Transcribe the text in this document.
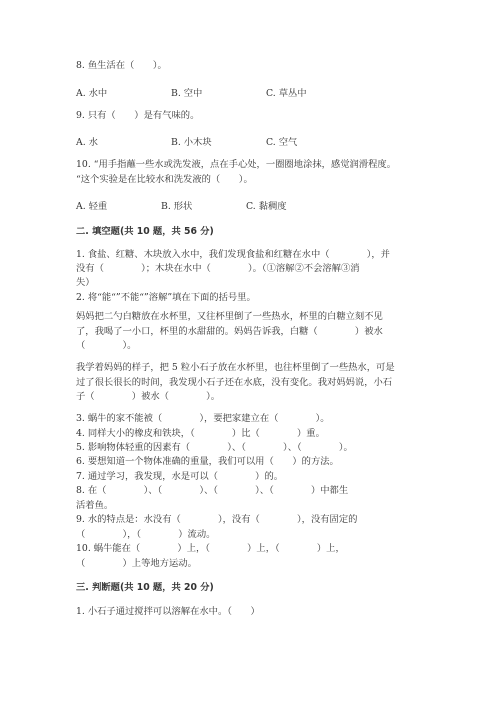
8. 鱼生活在（　　）。
A. 水中	B. 空中	C. 草丛中
9. 只有（　　）是有气味的。
A. 水	B. 小木块	C. 空气
10. “用手指蘸一些水或洗发液，点在手心处，一圈圈地涂抹，感觉润滑程度。
“这个实验是在比较水和洗发液的（　　）。
A. 轻重	B. 形状	C. 黏稠度
二. 填空题(共 10 题，共 56 分)
1. 食盐、红糖、木块放入水中，我们发现食盐和红糖在水中（　　　　），并
没有（　　　　）；木块在水中（　　　　）。（①溶解②不会溶解③消
失）
2. 将“能“”不能“”溶解”填在下面的括号里。
妈妈把二勺白糖放在水杯里，又往杯里倒了一些热水，杯里的白糖立刻不见
了，我喝了一小口，杯里的水甜甜的。妈妈告诉我，白糖（　　　　）被水
（　　　　）。
我学着妈妈的样子，把 5 粒小石子放在水杯里，也往杯里倒了一些热水，可是
过了很长很长的时间，我发现小石子还在水底，没有变化。我对妈妈说，小石
子（　　　　）被水（　　　　）。
3. 蜗牛的家不能被（　　　　），要把家建立在（　　　　）。
4. 同样大小的橡皮和铁块，（　　　　）比（　　　　）重。
5. 影响物体轻重的因素有（　　　　）、（　　　　）、（　　　　）。
6. 要想知道一个物体准确的重量，我们可以用（　　）的方法。
7. 通过学习，我发现，水是可以（　　　　）的。
8. 在（　　　　）、（　　　　）、（　　　　）、（　　　　）中都生
活着鱼。
9. 水的特点是：水没有（　　　　），没有（　　　　），没有固定的
（　　　　），（　　　　）流动。
10. 蜗牛能在（　　　　）上，（　　　　）上，（　　　　）上，
（　　　　）上等地方运动。
三. 判断题(共 10 题，共 20 分)
1. 小石子通过搅拌可以溶解在水中。（　　）
